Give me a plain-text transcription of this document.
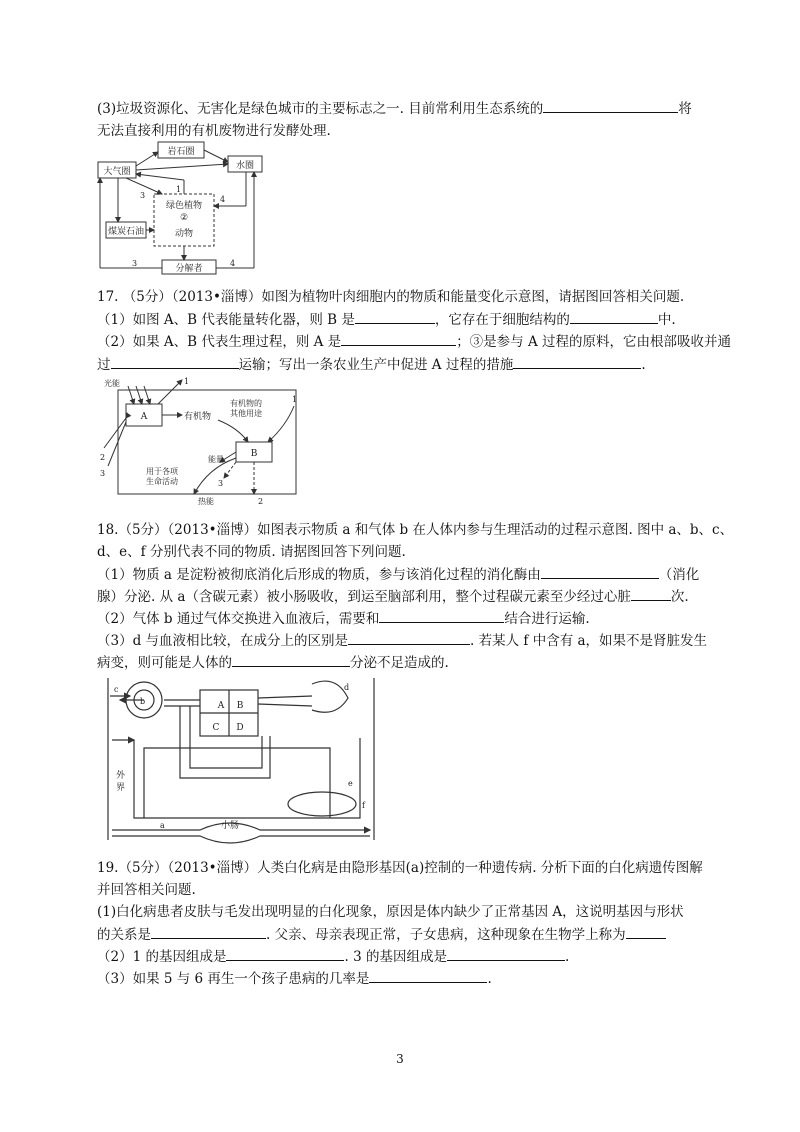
(3)垃圾资源化、无害化是绿色城市的主要标志之一. 目前常利用生态系统的	将
无法直接利用的有机废物进行发酵处理.
岩石圈
大气圈
水圈
绿色植物
②
动物
煤炭石油
分解者
1
3
3
4
4
17. （5分）（2013•淄博）如图为植物叶肉细胞内的物质和能量变化示意图，请据图回答相关问题.
（1）如图 A、B 代表能量转化器，则 B 是	，它存在于细胞结构的	中.
（2）如果 A、B 代表生理过程，则 A 是	；③是参与 A 过程的原料，它由根部吸收并通
过	运输；写出一条农业生产中促进 A 过程的措施	.
光能
A
B
有机物
有机物的
其他用途
能量
用于各项
生命活动
热能
1
1
2
2
3
3
18.（5分）（2013•淄博）如图表示物质 a 和气体 b 在人体内参与生理活动的过程示意图. 图中 a、b、c、
d、e、f 分别代表不同的物质. 请据图回答下列问题.
（1）物质 a 是淀粉被彻底消化后形成的物质，参与该消化过程的消化酶由	（消化
腺）分泌. 从 a（含碳元素）被小肠吸收，到运至脑部利用，整个过程碳元素至少经过心脏	次.
（2）气体 b 通过气体交换进入血液后，需要和	结合进行运输.
（3）d 与血液相比较，在成分上的区别是	. 若某人 f 中含有 a，如果不是肾脏发生
病变，则可能是人体的	分泌不足造成的.
A B
C D
外
界
小肠
c
b
d
e
f
a
19.（5分）（2013•淄博）人类白化病是由隐形基因(a)控制的一种遗传病. 分析下面的白化病遗传图解
并回答相关问题.
(1)白化病患者皮肤与毛发出现明显的白化现象，原因是体内缺少了正常基因 A，这说明基因与形状
的关系是	. 父亲、母亲表现正常，子女患病，这种现象在生物学上称为
（2）1 的基因组成是	. 3 的基因组成是	.
（3）如果 5 与 6 再生一个孩子患病的几率是	.
3
